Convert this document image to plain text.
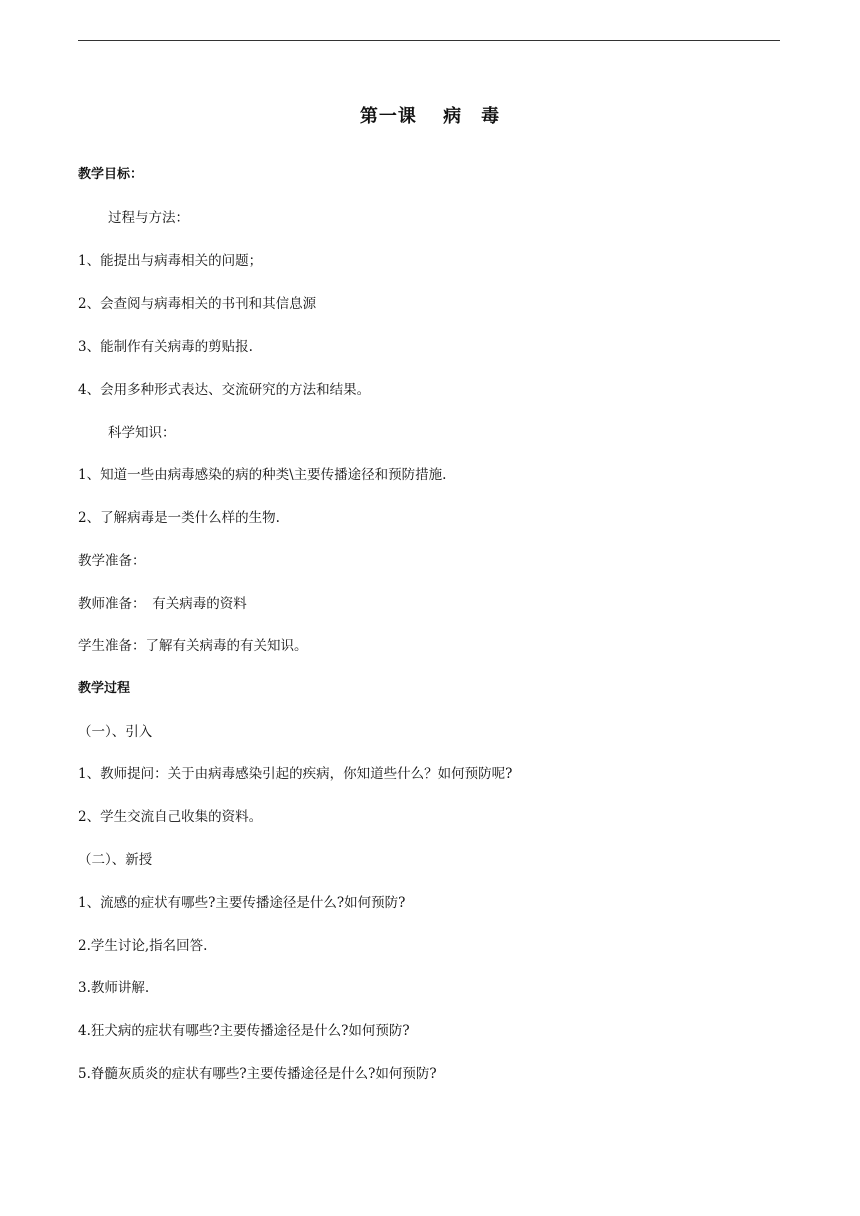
第一课　 病　毒
教学目标：
过程与方法：
1、能提出与病毒相关的问题；
2、会查阅与病毒相关的书刊和其信息源
3、能制作有关病毒的剪贴报.
4、会用多种形式表达、交流研究的方法和结果。
科学知识：
1、知道一些由病毒感染的病的种类\主要传播途径和预防措施.
2、了解病毒是一类什么样的生物.
教学准备：
教师准备：　有关病毒的资料
学生准备：了解有关病毒的有关知识。
教学过程
（一）、引入
1、教师提问：关于由病毒感染引起的疾病，你知道些什么？如何预防呢?
2、学生交流自己收集的资料。
（二）、新授
1、流感的症状有哪些?主要传播途径是什么?如何预防?
2.学生讨论,指名回答.
3.教师讲解.
4.狂犬病的症状有哪些?主要传播途径是什么?如何预防?
5.脊髓灰质炎的症状有哪些?主要传播途径是什么?如何预防?
